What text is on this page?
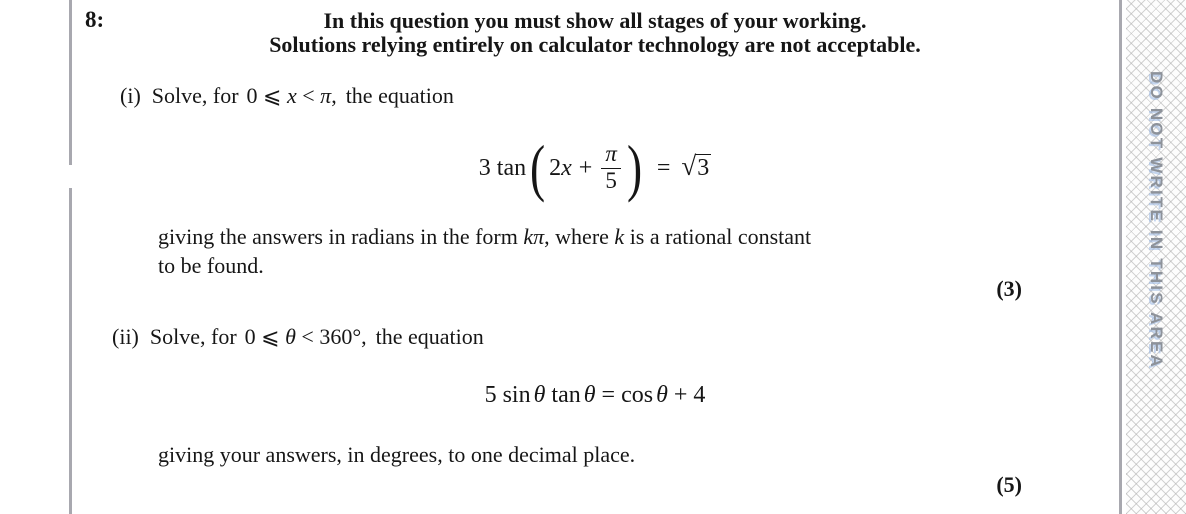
DO NOT WRITE IN THIS AREA
8:	In this question you must show all stages of your working.
Solutions relying entirely on calculator technology are not acceptable.
(i) Solve, for 0 ⩽ x < π, the equation
3 tan ( $2x + \frac{\pi}{5}$ ) = √ 3
giving the answers in radians in the form kπ, where k is a rational constant
to be found.
(3)
(ii) Solve, for 0 ⩽ θ < 360°, the equation
5 sin θ tan θ = cos θ + 4
giving your answers, in degrees, to one decimal place.
(5)
